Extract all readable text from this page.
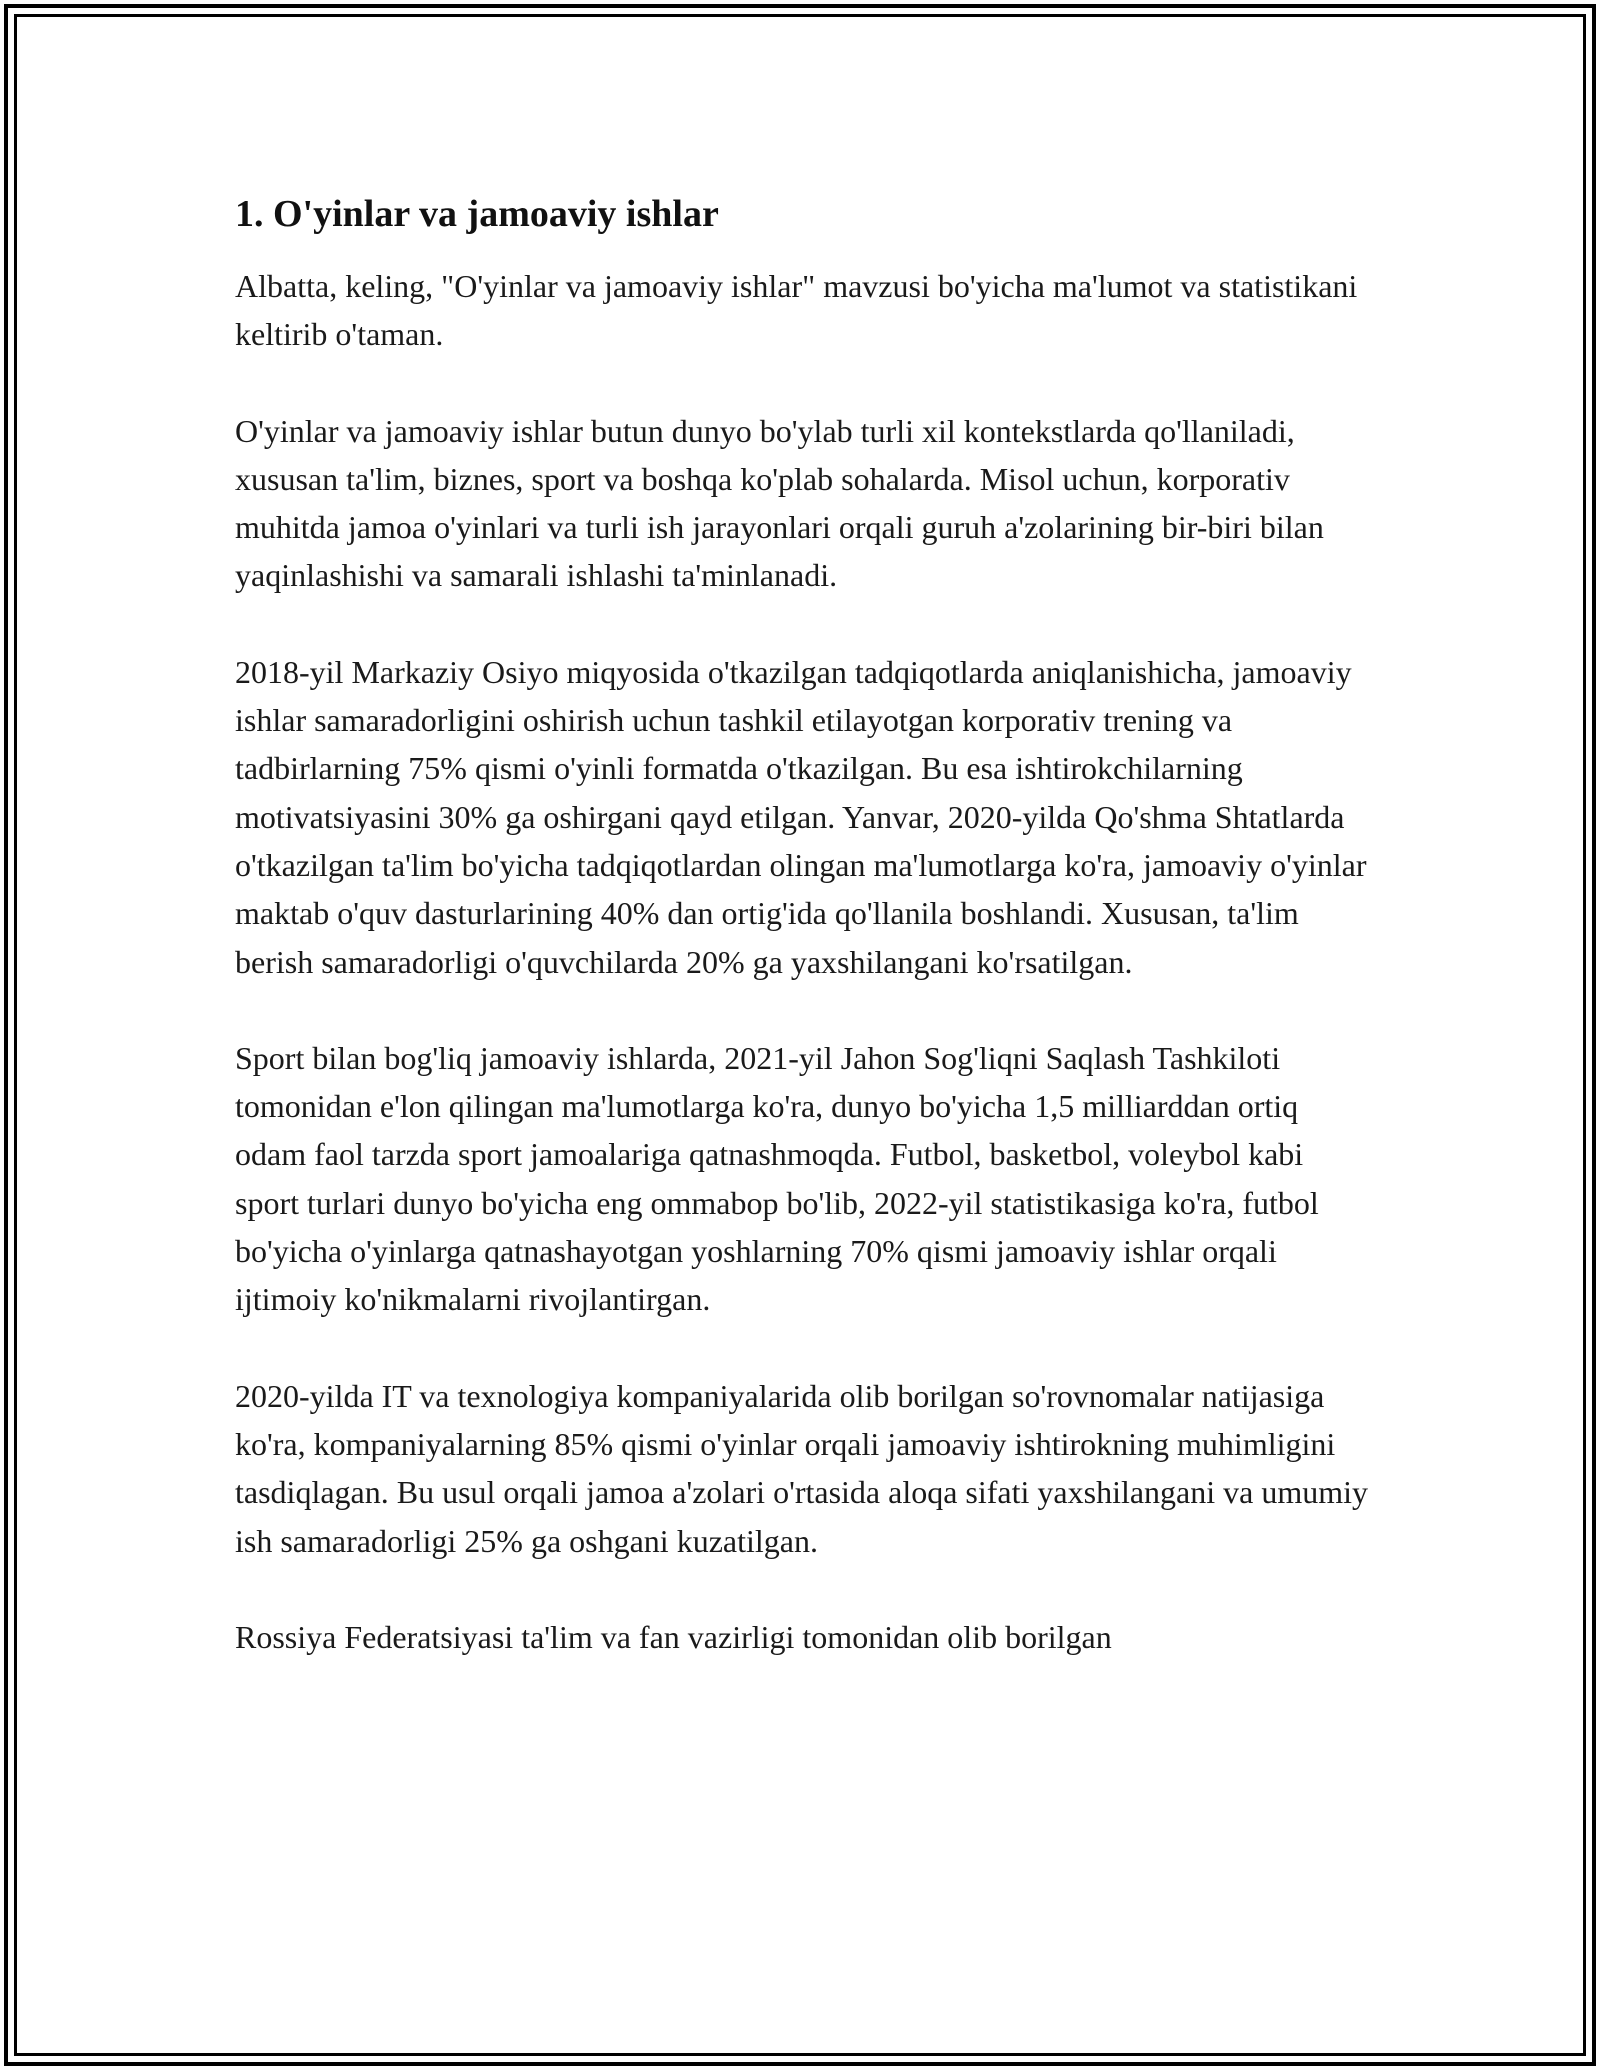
1. O'yinlar va jamoaviy ishlar

Albatta, keling, "O'yinlar va jamoaviy ishlar" mavzusi bo'yicha ma'lumot va statistikani keltirib o'taman.

O'yinlar va jamoaviy ishlar butun dunyo bo'ylab turli xil kontekstlarda qo'llaniladi, xususan ta'lim, biznes, sport va boshqa ko'plab sohalarda. Misol uchun, korporativ muhitda jamoa o'yinlari va turli ish jarayonlari orqali guruh a'zolarining bir-biri bilan yaqinlashishi va samarali ishlashi ta'minlanadi.

2018-yil Markaziy Osiyo miqyosida o'tkazilgan tadqiqotlarda aniqlanishicha, jamoaviy ishlar samaradorligini oshirish uchun tashkil etilayotgan korporativ trening va tadbirlarning 75% qismi o'yinli formatda o'tkazilgan. Bu esa ishtirokchilarning motivatsiyasini 30% ga oshirgani qayd etilgan. Yanvar, 2020-yilda Qo'shma Shtatlarda o'tkazilgan ta'lim bo'yicha tadqiqotlardan olingan ma'lumotlarga ko'ra, jamoaviy o'yinlar maktab o'quv dasturlarining 40% dan ortig'ida qo'llanila boshlandi. Xususan, ta'lim berish samaradorligi o'quvchilarda 20% ga yaxshilangani ko'rsatilgan.

Sport bilan bog'liq jamoaviy ishlarda, 2021-yil Jahon Sog'liqni Saqlash Tashkiloti tomonidan e'lon qilingan ma'lumotlarga ko'ra, dunyo bo'yicha 1,5 milliarddan ortiq odam faol tarzda sport jamoalariga qatnashmoqda. Futbol, basketbol, voleybol kabi sport turlari dunyo bo'yicha eng ommabop bo'lib, 2022-yil statistikasiga ko'ra, futbol bo'yicha o'yinlarga qatnashayotgan yoshlarning 70% qismi jamoaviy ishlar orqali ijtimoiy ko'nikmalarni rivojlantirgan.

2020-yilda IT va texnologiya kompaniyalarida olib borilgan so'rovnomalar natijasiga ko'ra, kompaniyalarning 85% qismi o'yinlar orqali jamoaviy ishtirokning muhimligini tasdiqlagan. Bu usul orqali jamoa a'zolari o'rtasida aloqa sifati yaxshilangani va umumiy ish samaradorligi 25% ga oshgani kuzatilgan.

Rossiya Federatsiyasi ta'lim va fan vazirligi tomonidan olib borilgan
